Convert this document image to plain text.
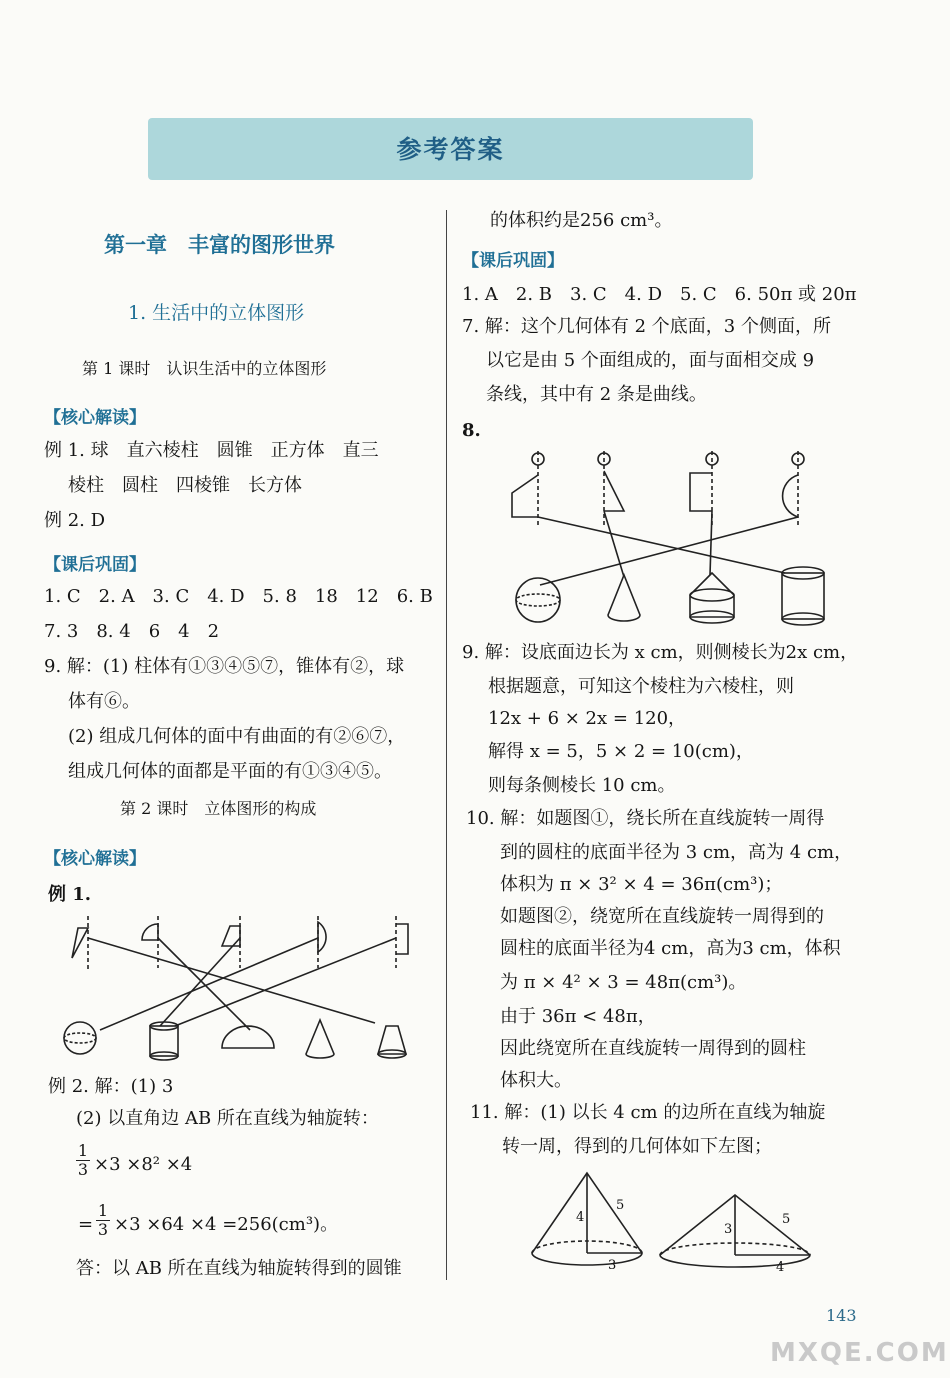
参考答案
第一章　丰富的图形世界
1. 生活中的立体图形
第 1 课时　认识生活中的立体图形
【核心解读】
例 1. 球　直六棱柱　圆锥　正方体　直三
棱柱　圆柱　四棱锥　长方体
例 2. D
【课后巩固】
1. C　2. A　3. C　4. D　5. 8　18　12　6. B
7. 3　8. 4　6　4　2
9. 解：(1) 柱体有①③④⑤⑦，锥体有②，球
体有⑥。
(2) 组成几何体的面中有曲面的有②⑥⑦，
组成几何体的面都是平面的有①③④⑤。
第 2 课时　立体图形的构成
【核心解读】
例 1.
例 2. 解：(1) 3
(2) 以直角边 AB 所在直线为轴旋转：
$\frac{1}{3} \times 3 \times 8^2 \times 4$
= $\frac{1}{3} \times 3 \times 64 \times 4 =256(cm^3)$。
答：以 AB 所在直线为轴旋转得到的圆锥
的体积约是256 cm³。
【课后巩固】
1. A　2. B　3. C　4. D　5. C　6. 50π 或 20π
7. 解：这个几何体有 2 个底面，3 个侧面，所
以它是由 5 个面组成的，面与面相交成 9
条线，其中有 2 条是曲线。
8.
9. 解：设底面边长为 x cm，则侧棱长为2x cm，
根据题意，可知这个棱柱为六棱柱，则
12x + 6 × 2x = 120，
解得 x = 5，5 × 2 = 10(cm)，
则每条侧棱长 10 cm。
10. 解：如题图①，绕长所在直线旋转一周得
到的圆柱的底面半径为 3 cm，高为 4 cm，
体积为 π × 3² × 4 = 36π(cm³)；
如题图②，绕宽所在直线旋转一周得到的
圆柱的底面半径为4 cm，高为3 cm，体积
为 π × 4² × 3 = 48π(cm³)。
由于 36π < 48π，
因此绕宽所在直线旋转一周得到的圆柱
体积大。
11. 解：(1) 以长 4 cm 的边所在直线为轴旋
转一周，得到的几何体如下左图；
4
5
3
3
5
4
143
MXQE.COM
